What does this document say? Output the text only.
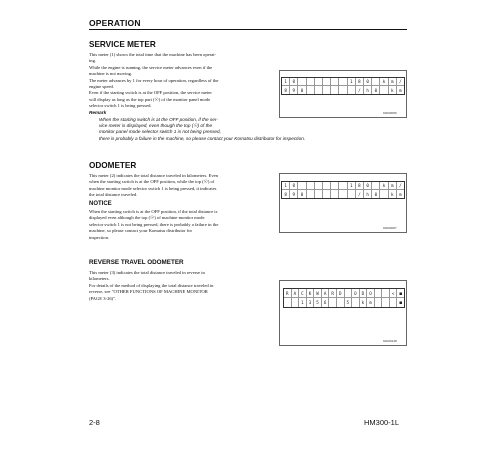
OPERATION
SERVICE METER
This meter (1) shows the total time that the machine has been operat-
ing.
While the engine is running, the service meter advances even if the
machine is not moving.
The meter advances by 1 for every hour of operation, regardless of the
engine speed.
Even if the starting switch is at the OFF position, the service meter
will display as long as the top part (☉) of the monitor panel mode
selector switch 1 is being pressed.
Remark
When the starting switch is at the OFF position, if the ser-
vice meter is displayed, even though the top (☉) of the
monitor panel mode selector switch 1 is not being pressed,
there is probably a failure in the machine, so please contact your Komatsu distributor for inspection.
1	8	1	8	0	k	m	/
8	9	0	/	h	0	k	m
9JD00066
ODOMETER
This meter (2) indicates the total distance traveled in kilometers. Even
when the starting switch is at the OFF position, while the top (☉) of
machine monitor mode selector switch 1 is being pressed, it indicates
the total distance traveled.
NOTICE
When the starting switch is at the OFF position, if the total distance is
displayed even although the top (☉) of machine monitor mode
selector switch 1 is not being pressed, there is probably a failure in the
machine, so please contact your Komatsu distributor for
inspection.
1	8	1	8	0	k	m	/
8	9	0	/	h	0	k	m
9JD00067
REVERSE TRAVEL ODOMETER
This meter (3) indicates the total distance traveled in reverse in
kilometers.
For details of the method of displaying the total distance traveled in
reverse, see "OTHER FUNCTIONS OF MACHINE MONITOR
(PAGE 3-26)".
R	A	C	K	W	A	R	D	O	D	O	<	■
1	3	5	6	5	k	m	■
9JH00148
2-8	HM300-1L
